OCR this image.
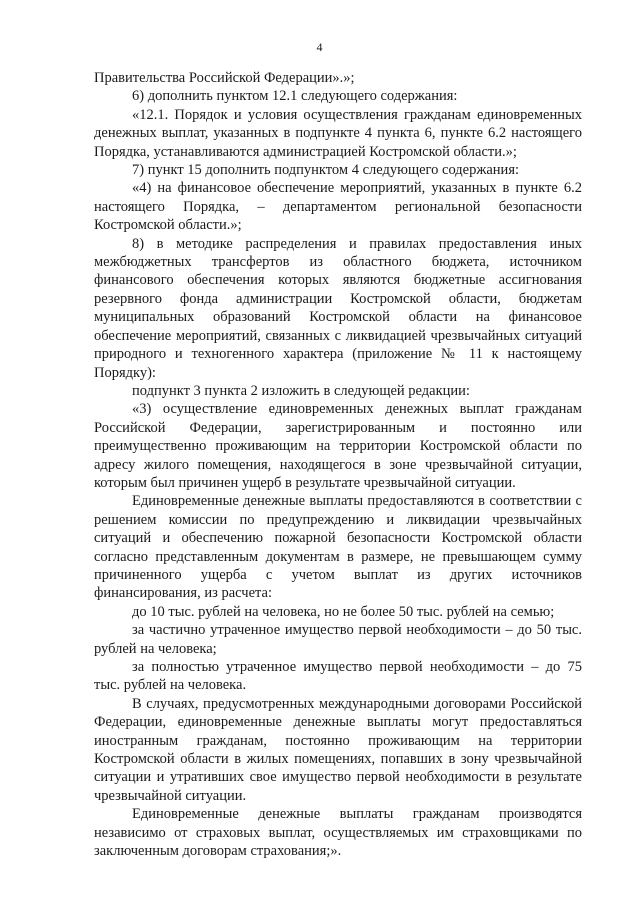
4

Правительства Российской Федерации».»;

6) дополнить пунктом 12.1 следующего содержания:

«12.1. Порядок и условия осуществления гражданам единовременных денежных выплат, указанных в подпункте 4 пункта 6, пункте 6.2 настоящего Порядка, устанавливаются администрацией Костромской области.»;

7) пункт 15 дополнить подпунктом 4 следующего содержания:

«4) на финансовое обеспечение мероприятий, указанных в пункте 6.2 настоящего Порядка, – департаментом региональной безопасности Костромской области.»;

8) в методике распределения и правилах предоставления иных межбюджетных трансфертов из областного бюджета, источником финансового обеспечения которых являются бюджетные ассигнования резервного фонда администрации Костромской области, бюджетам муниципальных образований Костромской области на финансовое обеспечение мероприятий, связанных с ликвидацией чрезвычайных ситуаций природного и техногенного характера (приложение № 11 к настоящему Порядку):

подпункт 3 пункта 2 изложить в следующей редакции:

«3) осуществление единовременных денежных выплат гражданам Российской Федерации, зарегистрированным и постоянно или преимущественно проживающим на территории Костромской области по адресу жилого помещения, находящегося в зоне чрезвычайной ситуации, которым был причинен ущерб в результате чрезвычайной ситуации.

Единовременные денежные выплаты предоставляются в соответствии с решением комиссии по предупреждению и ликвидации чрезвычайных ситуаций и обеспечению пожарной безопасности Костромской области согласно представленным документам в размере, не превышающем сумму причиненного ущерба с учетом выплат из других источников финансирования, из расчета:

до 10 тыс. рублей на человека, но не более 50 тыс. рублей на семью;

за частично утраченное имущество первой необходимости – до 50 тыс. рублей на человека;

за полностью утраченное имущество первой необходимости – до 75 тыс. рублей на человека.

В случаях, предусмотренных международными договорами Российской Федерации, единовременные денежные выплаты могут предоставляться иностранным гражданам, постоянно проживающим на территории Костромской области в жилых помещениях, попавших в зону чрезвычайной ситуации и утративших свое имущество первой необходимости в результате чрезвычайной ситуации.

Единовременные денежные выплаты гражданам производятся независимо от страховых выплат, осуществляемых им страховщиками по заключенным договорам страхования;».
